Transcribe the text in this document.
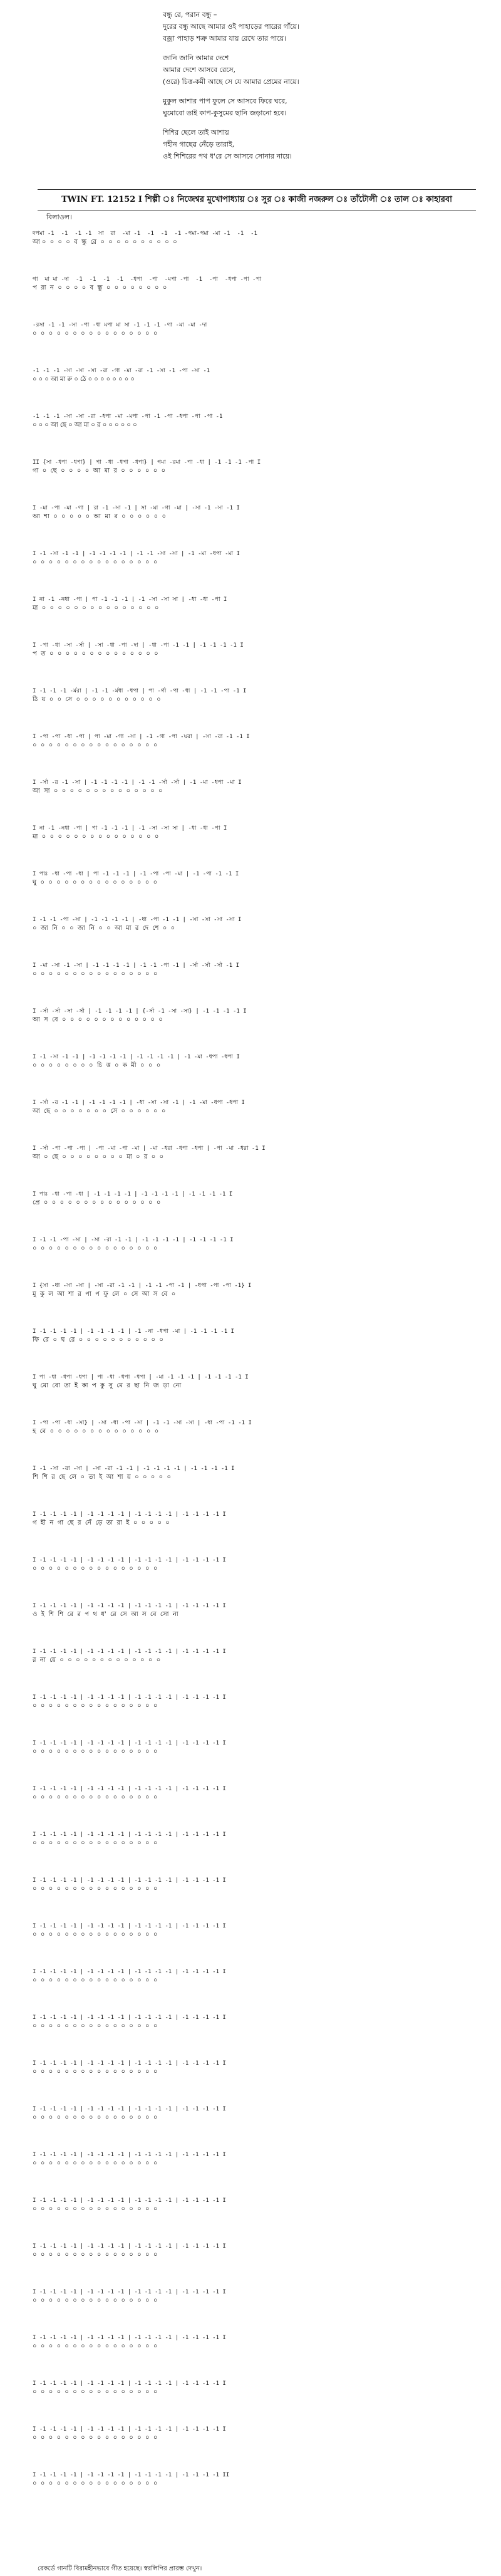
বন্ধু রে, পরান বন্ধু –
দুরের বন্ধু আছে আমার ওই পাহাড়ের পারের গাঁয়ে।
বজ্রা পাহাড় শত্রু আমার যায় রেখে তার পায়ে।
জানি জানি আমার দেশে
আমার দেশে আসবে রেসে,
(ওরে) চিত্ত-কমী আছে সে যে আমার প্রেমের নায়ে।
মুকুল আশার পাপ ফুলে সে আসবে ফিরে ঘরে,
ঘুমোবো তাই কাপ-কুসুমের ছানি জড়ানো হবে।
শিশির ছেলে তাই আশায়
গহীন গাছেৱ নেঁড়ে তারাই,
ওই শিশিরের পথ ধ'রে সে আসবে সোনার নায়ে।
TWIN FT. 12152 I শিল্পী ঃ নিজেশ্বর মুখোপাধ্যায় ঃ সুর ঃ কাজী নজরুল ঃ তাঁটোলী ঃ তাল ঃ কাহারবা
বিলাওল।
দপমা -1  -1  -1 -1  সা  রা  -মা -1  -1  -1  -1 -পমা-পমা -মা -1  -1  -1
আ ০  ০  ০  ০  ব  ন্ধু  রে  ০  ০  ০  ০  ০  ০  ০  ০  ০  ০
গা  মা মা -দা  -1  -1  -1  -1  -ধপা  -পা  -মপা -পা  -1  -পা  -ধপা -পা -পা
প  রা  ন  ০  ০  ০  ০  ব  ন্ধু  ০  ০  ০  ০  ০  ০  ০  ০
-রসা -1 -1 -সা -পা -ধা মপা মা সা -1 -1 -1 -গা -মা -মা -দা
০  ০  ০  ০  ০  ০  ০  ০  ০  ০  ০  ০  ০  ০  ০  ০
-1 -1 -1 -সা -সা -সা -রা -গা -মা -রা -1 -সা -1 -পা -সা -1
০ ০ ০ আ মা রু ০ ঠে ০ ০ ০ ০ ০ ০ ০ ০
-1 -1 -1 -সা -সা -রা -ধপা -মা -মপা -পা -1 -পা -ধপা -পা -পা -1
০ ০ ০ আ ছে ০ আ মা ০ র ০ ০ ০ ০ ০ ০
II {সা -ধপা -ধপা} | পা -ধা -ধপা -ধপা} | গমা -রমা -পা -ধা | -1 -1 -1 -পা I
গা  ০  ছে  ০  ০  ০  ০  আ  মা  র  ০  ০  ০  ০  ০  ০
I -মা -পা -মা -গা | রা -1 -সা -1 | সা -মা -গা -মা | -সা -1 -সা -1 I
আ  শা  ০  ০  ০  ০  ০  আ  মা  র  ০  ০  ০  ০  ০  ০
I -1 -সা -1 -1 | -1 -1 -1 -1 | -1 -1 -সা -সা | -1 -মা -ধপা -মা I
০  ০  ০  ০  ০  ০  ০  ০  ০  ০  ০  ০  ০  ০  ০  ০
I না -1 -নধা -পা | পা -1 -1 -1 | -1 -সা -সা সা | -ধা -ধা -পা I
মা  ০  ০  ০  ০  ০  ০  ০  ০  ০  ০  ০  ০  ০  ০  ০
I -পা -ধা -সা -র্সা | -সা -ধা -পা -দা | -ধা -পা -1 -1 | -1 -1 -1 -1 I
প  ত  ০  ০  ০  ০  ০  ০  ০  ০  ০  ০  ০  ০  ০  ০
I -1 -1 -1 -র্মরা | -1 -1 -র্মধা -ধপা | পা -র্গা -পা -ধা | -1 -1 -পা -1 I
ঠি  য়  ০  ০  সে  ০  ০  ০  ০  ০  ০  ০  ০  ০  ০  ০
I -পা -পা -ধা -পা | পা -মা -গা -সা | -1 -গা -পা -ঘরা | -সা -রা -1 -1 I
০  ০  ০  ০  ০  ০  ০  ০  ০  ০  ০  ০  ০  ০  ০  ০
I -র্সা -র -1 -সা | -1 -1 -1 -1 | -1 -1 -র্সা -র্সা | -1 -মা -ধপা -মা I
আ  সা  ০  ০  ০  ০  ০  ০  ০  ০  ০  ০  ০  ০  ০  ০
I না -1 -নধা -পা | পা -1 -1 -1 | -1 -সা -সা সা | -ধা -ধা -পা I
মা  ০  ০  ০  ০  ০  ০  ০  ০  ০  ০  ০  ০  ০  ০  ০
I পাঃ -ধা -পা -ধা | পা -1 -1 -1 | -1 -পা -পা -মা | -1 -পা -1 -1 I
ঘু  ০  ০  ০  ০  ০  ০  ০  ০  ০  ০  ০  ০  ০  ০  ০
I -1 -1 -পা -সা | -1 -1 -1 -1 | -ধা -পা -1 -1 | -সা -সা -সা -সা I
০  জা  নি  ০  ০  জা  নি  ০  ০  আ  মা  র  দে  শে  ০  ০
I -মা -সা -1 -সা | -1 -1 -1 -1 | -1 -1 -পা -1 | -র্সা -র্সা -র্সা -1 I
০  ০  ০  ০  ০  ০  ০  ০  ০  ০  ০  ০  ০  ০  ০  ০
I -র্সা -র্সা -সা -র্সা | -1 -1 -1 -1 | {-র্সা -1 -সা -সা} | -1 -1 -1 -1 I
আ  স  বে  ০  ০  ০  ০  ০  ০  ০  ০  ০  ০  ০  ০  ০
I -1 -সা -1 -1 | -1 -1 -1 -1 | -1 -1 -1 -1 | -1 -মা -ধপা -ধপা I
০  ০  ০  ০  ০  ০  ০  ০  চি  ত্ত  ০  ক  মী  ০  ০  ০
I -র্সা -র -1 -1 | -1 -1 -1 -1 | -ধা -সা -সা -1 | -1 -মা -ধপা -ধপা I
আ  ছে  ০  ০  ০  ০  ০  ০  ০  সে  ০  ০  ০  ০  ০  ০
I -র্সা -পা -পা -পা | -পা -মা -পা -মা | -মা -ধরা -ধপা -ধপা | -পা -মা -ধরা -1 I
আ  ০  ছে  ০  ০  ০  ০  ০  ০  ০  ০  মা  ০  র  ০  ০
I পাঃ -ধা -পা -ধা | -1 -1 -1 -1 | -1 -1 -1 -1 | -1 -1 -1 -1 I
প্রে  ০  ০  ০  ০  ০  ০  ০  ০  ০  ০  ০  ০  ০  ০  ০
I -1 -1 -পা -সা | -সা -রা -1 -1 | -1 -1 -1 -1 | -1 -1 -1 -1 I
০  ০  ০  ০  ০  ০  ০  ০  ০  ০  ০  ০  ০  ০  ০  ০
I {সা -ধা -সা -সা | -সা -রা -1 -1 | -1 -1 -পা -1 | -ধপা -পা -পা -1} I
মু  কু  ল  আ  শা  র  পা  প  ফু  লে  ০  সে  আ  স  বে  ০
I -1 -1 -1 -1 | -1 -1 -1 -1 | -1 -না -ধপা -মা | -1 -1 -1 -1 I
ফি  রে  ০  ঘ  রে  ০  ০  ০  ০  ০  ০  ০  ০  ০  ০  ০
I পা -ধা -ধপা -ধপা | পা -ধা -ধপা -ধপা | -মা -1 -1 -1 | -1 -1 -1 -1 I
ঘু  মো  বো  তা  ই  কা  প  কু  সু  মে  র  ছা  নি  জ  ড়া  নো
I -পা -পা -ধা -সা} | -সা -ধা -পা -সা | -1 -1 -সা -সা | -ধা -পা -1 -1 I
হ  বে  ০  ০  ০  ০  ০  ০  ০  ০  ০  ০  ০  ০  ০  ০
I -1 -সা -রা -সা | -সা -রা -1 -1 | -1 -1 -1 -1 | -1 -1 -1 -1 I
শি  শি  র  ছে  লে  ০  তা  ই  আ  শা  য়  ০  ০  ০  ০  ০
I -1 -1 -1 -1 | -1 -1 -1 -1 | -1 -1 -1 -1 | -1 -1 -1 -1 I
গ  হী  ন  গা  ছে  র  নেঁ  ড়ে  তা  রা  ই  ০  ০  ০  ০  ০
I -1 -1 -1 -1 | -1 -1 -1 -1 | -1 -1 -1 -1 | -1 -1 -1 -1 I
০  ০  ০  ০  ০  ০  ০  ০  ০  ০  ০  ০  ০  ০  ০  ০
I -1 -1 -1 -1 | -1 -1 -1 -1 | -1 -1 -1 -1 | -1 -1 -1 -1 I
ও  ই  শি  শি  রে  র  প  থ  ধ'  রে  সে  আ  স  বে  সো  না
I -1 -1 -1 -1 | -1 -1 -1 -1 | -1 -1 -1 -1 | -1 -1 -1 -1 I
র  না  য়ে  ০  ০  ০  ০  ০  ০  ০  ০  ০  ০  ০  ০  ০
I -1 -1 -1 -1 | -1 -1 -1 -1 | -1 -1 -1 -1 | -1 -1 -1 -1 I
০  ০  ০  ০  ০  ০  ০  ০  ০  ০  ০  ০  ০  ০  ০  ০
I -1 -1 -1 -1 | -1 -1 -1 -1 | -1 -1 -1 -1 | -1 -1 -1 -1 I
০  ০  ০  ০  ০  ০  ০  ০  ০  ০  ০  ০  ০  ০  ০  ০
I -1 -1 -1 -1 | -1 -1 -1 -1 | -1 -1 -1 -1 | -1 -1 -1 -1 I
০  ০  ০  ০  ০  ০  ০  ০  ০  ০  ০  ০  ০  ০  ০  ০
I -1 -1 -1 -1 | -1 -1 -1 -1 | -1 -1 -1 -1 | -1 -1 -1 -1 I
০  ০  ০  ০  ০  ০  ০  ০  ০  ০  ০  ০  ০  ০  ০  ০
I -1 -1 -1 -1 | -1 -1 -1 -1 | -1 -1 -1 -1 | -1 -1 -1 -1 I
০  ০  ০  ০  ০  ০  ০  ০  ০  ০  ০  ০  ০  ০  ০  ০
I -1 -1 -1 -1 | -1 -1 -1 -1 | -1 -1 -1 -1 | -1 -1 -1 -1 I
০  ০  ০  ০  ০  ০  ০  ০  ০  ০  ০  ০  ০  ০  ০  ০
I -1 -1 -1 -1 | -1 -1 -1 -1 | -1 -1 -1 -1 | -1 -1 -1 -1 I
০  ০  ০  ০  ০  ০  ০  ০  ০  ০  ০  ০  ০  ০  ০  ০
I -1 -1 -1 -1 | -1 -1 -1 -1 | -1 -1 -1 -1 | -1 -1 -1 -1 I
০  ০  ০  ০  ০  ০  ০  ০  ০  ০  ০  ০  ০  ০  ০  ০
I -1 -1 -1 -1 | -1 -1 -1 -1 | -1 -1 -1 -1 | -1 -1 -1 -1 I
০  ০  ০  ০  ০  ০  ০  ০  ০  ০  ০  ০  ০  ০  ০  ০
I -1 -1 -1 -1 | -1 -1 -1 -1 | -1 -1 -1 -1 | -1 -1 -1 -1 I
০  ০  ০  ০  ০  ০  ০  ০  ০  ০  ০  ০  ০  ০  ০  ০
I -1 -1 -1 -1 | -1 -1 -1 -1 | -1 -1 -1 -1 | -1 -1 -1 -1 I
০  ০  ০  ০  ০  ০  ০  ০  ০  ০  ০  ০  ০  ০  ০  ০
I -1 -1 -1 -1 | -1 -1 -1 -1 | -1 -1 -1 -1 | -1 -1 -1 -1 I
০  ০  ০  ০  ০  ০  ০  ০  ০  ০  ০  ০  ০  ০  ০  ০
I -1 -1 -1 -1 | -1 -1 -1 -1 | -1 -1 -1 -1 | -1 -1 -1 -1 I
০  ০  ০  ০  ০  ০  ০  ০  ০  ০  ০  ০  ০  ০  ০  ০
I -1 -1 -1 -1 | -1 -1 -1 -1 | -1 -1 -1 -1 | -1 -1 -1 -1 I
০  ০  ০  ০  ০  ০  ০  ০  ০  ০  ০  ০  ০  ০  ০  ০
I -1 -1 -1 -1 | -1 -1 -1 -1 | -1 -1 -1 -1 | -1 -1 -1 -1 I
০  ০  ০  ০  ০  ০  ০  ০  ০  ০  ০  ০  ০  ০  ০  ০
I -1 -1 -1 -1 | -1 -1 -1 -1 | -1 -1 -1 -1 | -1 -1 -1 -1 I
০  ০  ০  ০  ০  ০  ০  ০  ০  ০  ০  ০  ০  ০  ০  ০
I -1 -1 -1 -1 | -1 -1 -1 -1 | -1 -1 -1 -1 | -1 -1 -1 -1 I
০  ০  ০  ০  ০  ০  ০  ০  ০  ০  ০  ০  ০  ০  ০  ০
I -1 -1 -1 -1 | -1 -1 -1 -1 | -1 -1 -1 -1 | -1 -1 -1 -1 II
০  ০  ০  ০  ০  ০  ০  ০  ০  ০  ০  ০  ০  ০  ০  ০
রেকর্ডে গানটি বিরামহীনভাবে গীত হয়েছে। স্বরলিপির প্রারম্ভ দেখুন।
